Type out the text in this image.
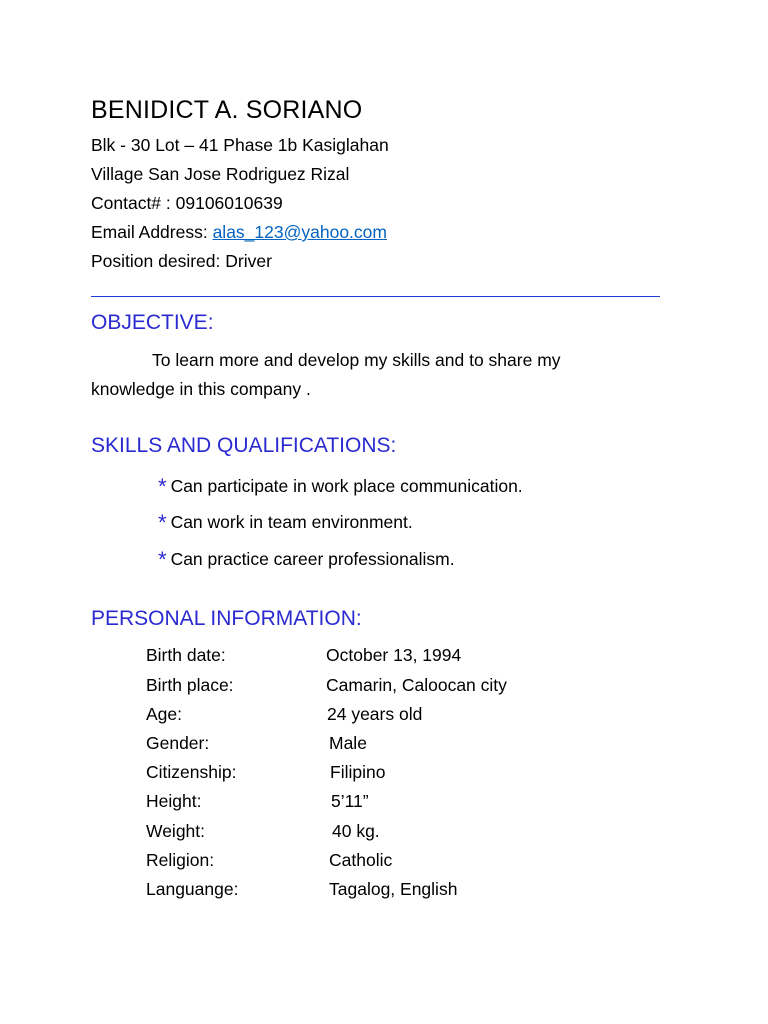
BENIDICT A. SORIANO
Blk - 30 Lot – 41 Phase 1b Kasiglahan
Village San Jose Rodriguez Rizal
Contact# : 09106010639
Email Address: alas_123@yahoo.com
Position desired: Driver
OBJECTIVE:
To learn more and develop my skills and to share my knowledge in this company .
SKILLS AND QUALIFICATIONS:
* Can participate in work place communication.
* Can work in team environment.
* Can practice career professionalism.
PERSONAL INFORMATION:
Birth date:	October 13, 1994
Birth place:	Camarin, Caloocan city
Age:	24 years old
Gender:	Male
Citizenship:	Filipino
Height:	5’11”
Weight:	40 kg.
Religion:	Catholic
Languange:	Tagalog, English
